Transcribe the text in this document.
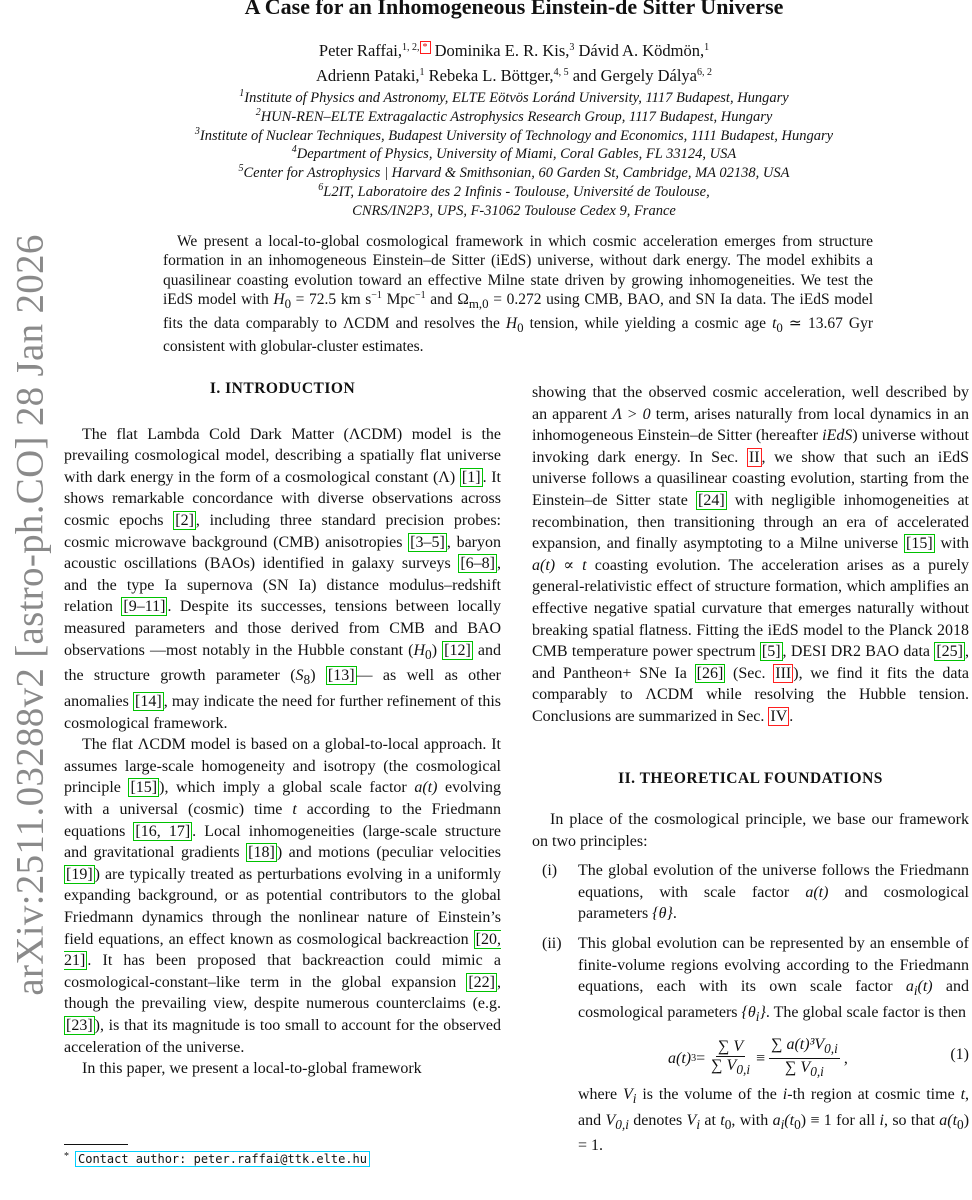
arXiv:2511.03288v2 [astro-ph.CO] 28 Jan 2026
A Case for an Inhomogeneous Einstein-de Sitter Universe
Peter Raffai,$^{1, 2,}$ * Dominika E. R. Kis,$^3$ Dávid A. Ködmön,$^1$
Adrienn Pataki,$^1$ Rebeka L. Böttger,$^{4, 5}$ and Gergely Dálya$^{6, 2}$
$^1$Institute of Physics and Astronomy, ELTE Eötvös Loránd University, 1117 Budapest, Hungary
$^2$HUN-REN–ELTE Extragalactic Astrophysics Research Group, 1117 Budapest, Hungary
$^3$Institute of Nuclear Techniques, Budapest University of Technology and Economics, 1111 Budapest, Hungary
$^4$Department of Physics, University of Miami, Coral Gables, FL 33124, USA
$^5$Center for Astrophysics | Harvard & Smithsonian, 60 Garden St, Cambridge, MA 02138, USA
$^6$L2IT, Laboratoire des 2 Infinis - Toulouse, Université de Toulouse,
CNRS/IN2P3, UPS, F-31062 Toulouse Cedex 9, France

We present a local-to-global cosmological framework in which cosmic acceleration emerges from structure formation in an inhomogeneous Einstein–de Sitter (iEdS) universe, without dark energy. The model exhibits a quasilinear coasting evolution toward an effective Milne state driven by growing inhomogeneities. We test the iEdS model with $H_0 = 72.5$ km $s^{-1}$ Mpc$^{-1}$ and $\Omega_{m,0} = 0.272$ using CMB, BAO, and SN Ia data. The iEdS model fits the data comparably to ΛCDM and resolves the $H_0$ tension, while yielding a cosmic age $t_0$ ≃ 13.67 Gyr consistent with globular-cluster estimates.

I. INTRODUCTION

The flat Lambda Cold Dark Matter (ΛCDM) model is the prevailing cosmological model, describing a spatially flat universe with dark energy in the form of a cosmological constant (Λ) [1] . It shows remarkable concordance with diverse observations across cosmic epochs [2] , including three standard precision probes: cosmic microwave background (CMB) anisotropies [3–5] , baryon acoustic oscillations (BAOs) identified in galaxy surveys [6–8] , and the type Ia supernova (SN Ia) distance modulus–redshift relation [9–11] . Despite its successes, tensions between locally measured parameters and those derived from CMB and BAO observations —most notably in the Hubble constant $(H_0)$ [12] and the structure growth parameter $(S_8)$ [13] — as well as other anomalies [14] , may indicate the need for further refinement of this cosmological framework.

The flat ΛCDM model is based on a global-to-local approach. It assumes large-scale homogeneity and isotropy (the cosmological principle [15] ), which imply a global scale factor a(t) evolving with a universal (cosmic) time t according to the Friedmann equations [16, 17] . Local inhomogeneities (large-scale structure and gravitational gradients [18] ) and motions (peculiar velocities [19] ) are typically treated as perturbations evolving in a uniformly expanding background, or as potential contributors to the global Friedmann dynamics through the nonlinear nature of Einstein’s field equations, an effect known as cosmological backreaction [20, 21] . It has been proposed that backreaction could mimic a cosmological-constant–like term in the global expansion [22] , though the prevailing view, despite numerous counterclaims (e.g. [23] ), is that its magnitude is too small to account for the observed acceleration of the universe.

In this paper, we present a local-to-global framework

showing that the observed cosmic acceleration, well described by an apparent Λ > 0 term, arises naturally from local dynamics in an inhomogeneous Einstein–de Sitter (hereafter iEdS) universe without invoking dark energy. In Sec. II , we show that such an iEdS universe follows a quasilinear coasting evolution, starting from the Einstein–de Sitter state [24] with negligible inhomogeneities at recombination, then transitioning through an era of accelerated expansion, and finally asymptoting to a Milne universe [15] with a(t) ∝ t coasting evolution. The acceleration arises as a purely general-relativistic effect of structure formation, which amplifies an effective negative spatial curvature that emerges naturally without breaking spatial flatness. Fitting the iEdS model to the Planck 2018 CMB temperature power spectrum [5] , DESI DR2 BAO data [25] , and Pantheon+ SNe Ia [26] (Sec. III ), we find it fits the data comparably to ΛCDM while resolving the Hubble tension. Conclusions are summarized in Sec. IV .

II. THEORETICAL FOUNDATIONS

In place of the cosmological principle, we base our framework on two principles:

(i) The global evolution of the universe follows the Friedmann equations, with scale factor a(t) and cosmological parameters {θ}.
(ii) This global evolution can be represented by an ensemble of finite-volume regions evolving according to the Friedmann equations, each with its own scale factor $a_i(t)$ and cosmological parameters $\{\theta_i\}$. The global scale factor is then
a(t) $3 = \frac{\sum V}{\sum V_{0,i}} \equiv \frac{\sum a(t)^3V_{0,i}}{\sum V_{0,i}}$ ,	(1)
where $V_i$ is the volume of the i-th region at cosmic time t, and $V_{0,i}$ denotes $V_i$ at $t_0$, with $a_i(t_0) \equiv 1$ for all i, so that $a(t_0) = 1$.
* Contact author: peter.raffai@ttk.elte.hu
